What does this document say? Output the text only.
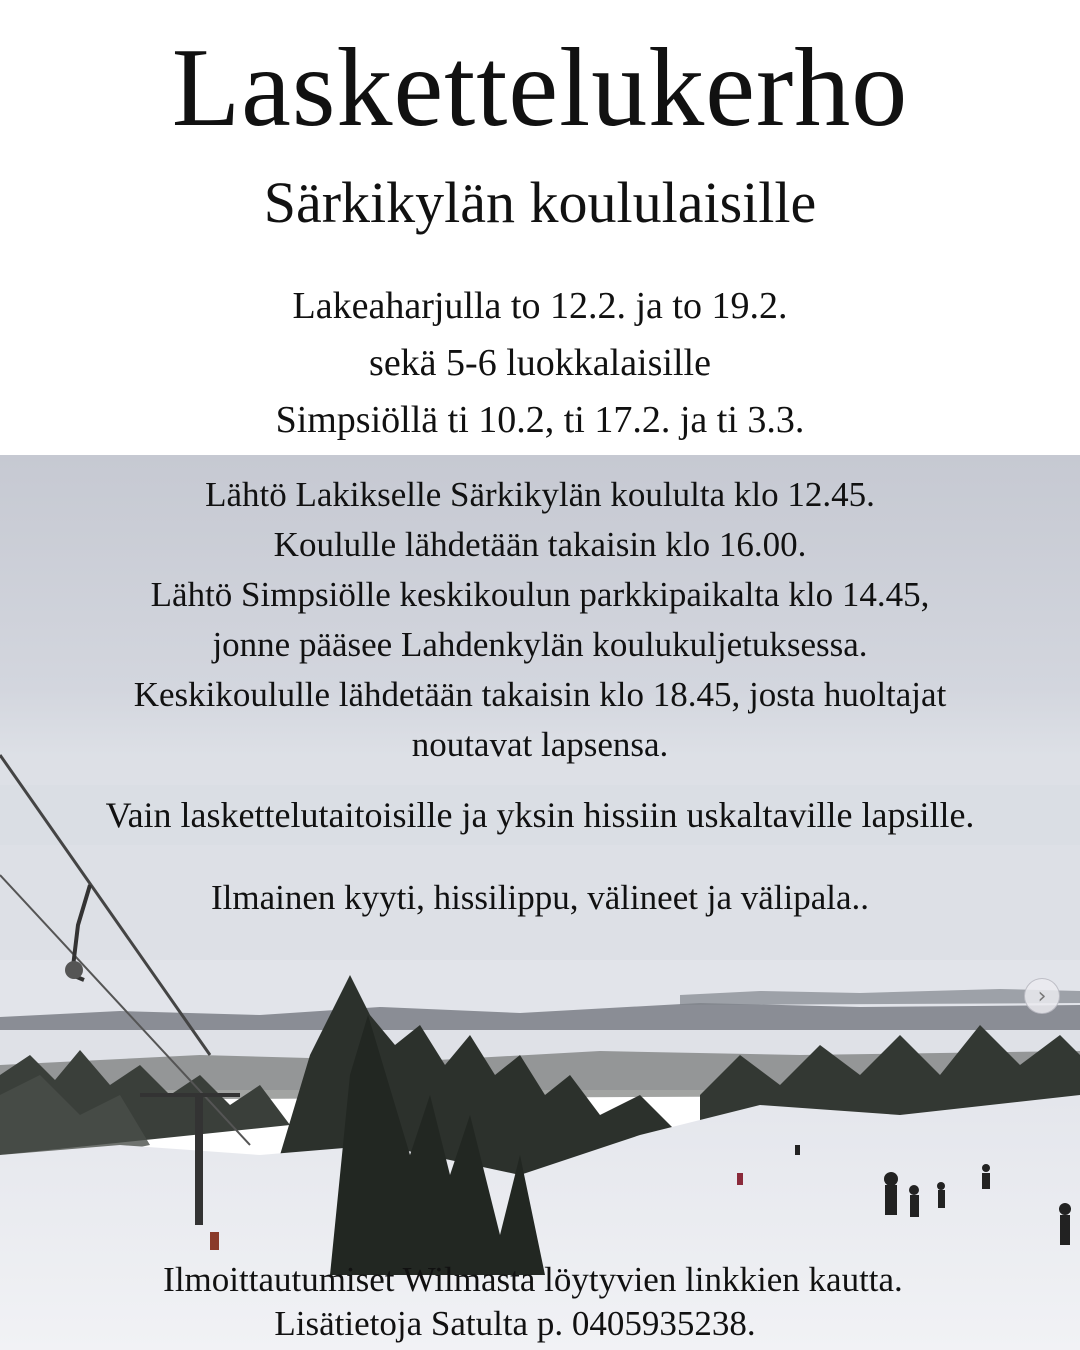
Laskettelukerho
Särkikylän koululaisille
Lakeaharjulla to 12.2. ja to 19.2.
sekä 5-6 luokkalaisille
Simpsiöllä ti 10.2, ti 17.2. ja ti 3.3.
Lähtö Lakikselle Särkikylän koululta klo 12.45.
Koululle lähdetään takaisin klo 16.00.
Lähtö Simpsiölle keskikoulun parkkipaikalta klo 14.45,
jonne pääsee Lahdenkylän koulukuljetuksessa.
Keskikoululle lähdetään takaisin klo 18.45, josta huoltajat
noutavat lapsensa.
Vain laskettelutaitoisille ja yksin hissiin uskaltaville lapsille.
Ilmainen kyyti, hissilippu, välineet ja välipala..
›
Ilmoittautumiset Wilmasta löytyvien linkkien kautta.
Lisätietoja Satulta p. 0405935238.
